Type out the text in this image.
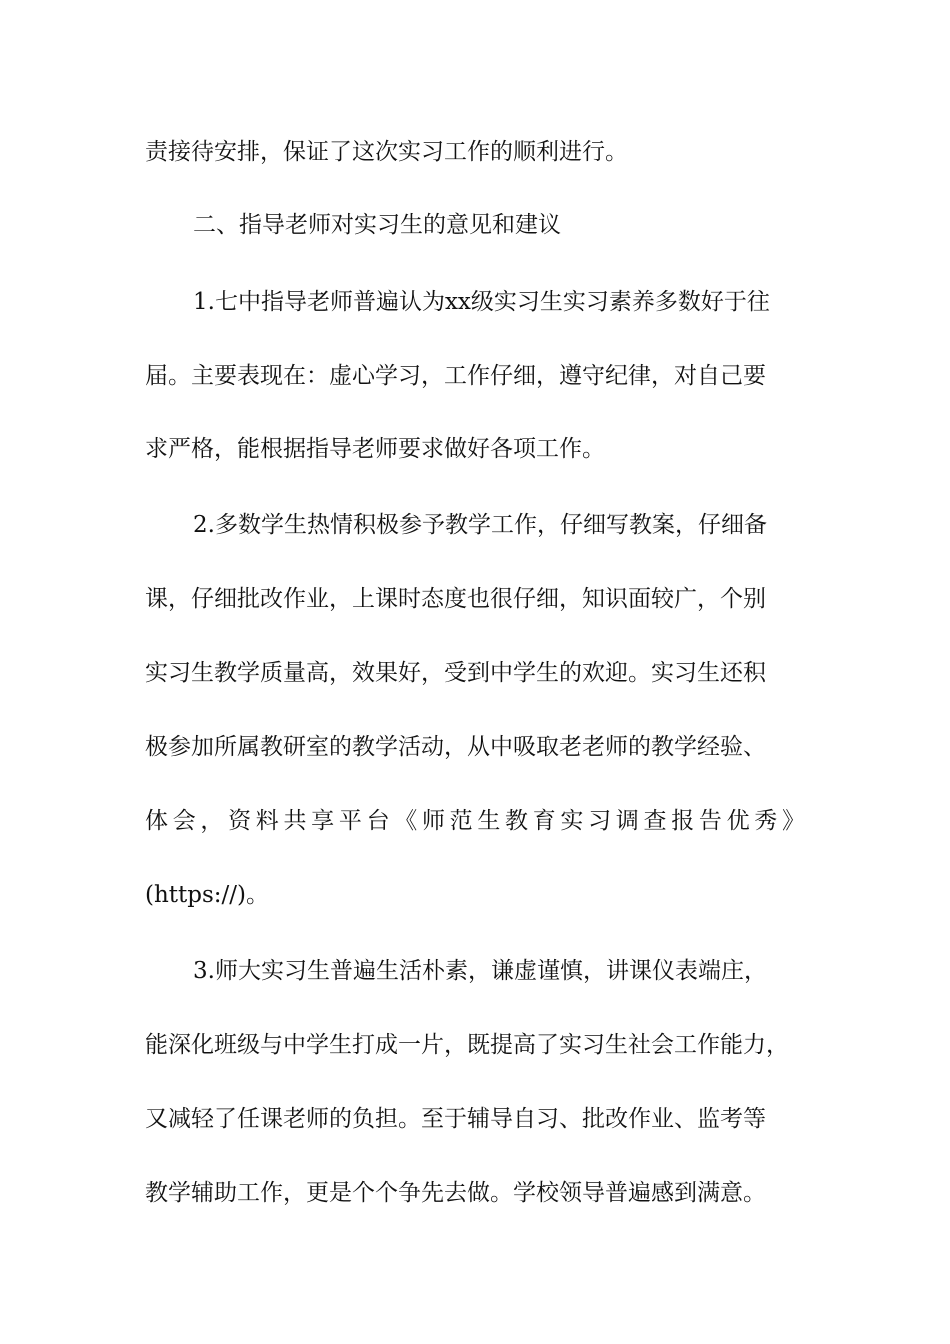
责接待安排，保证了这次实习工作的顺利进行。
二、指导老师对实习生的意见和建议
1.七中指导老师普遍认为xx级实习生实习素养多数好于往
届。主要表现在：虚心学习，工作仔细，遵守纪律，对自己要
求严格，能根据指导老师要求做好各项工作。
2.多数学生热情积极参予教学工作，仔细写教案，仔细备
课，仔细批改作业，上课时态度也很仔细，知识面较广，个别
实习生教学质量高，效果好，受到中学生的欢迎。实习生还积
极参加所属教研室的教学活动，从中吸取老老师的教学经验、
体会，资料共享平台《师范生教育实习调查报告优秀》
(https://)。
3.师大实习生普遍生活朴素，谦虚谨慎，讲课仪表端庄，
能深化班级与中学生打成一片，既提高了实习生社会工作能力，
又减轻了任课老师的负担。至于辅导自习、批改作业、监考等
教学辅助工作，更是个个争先去做。学校领导普遍感到满意。
